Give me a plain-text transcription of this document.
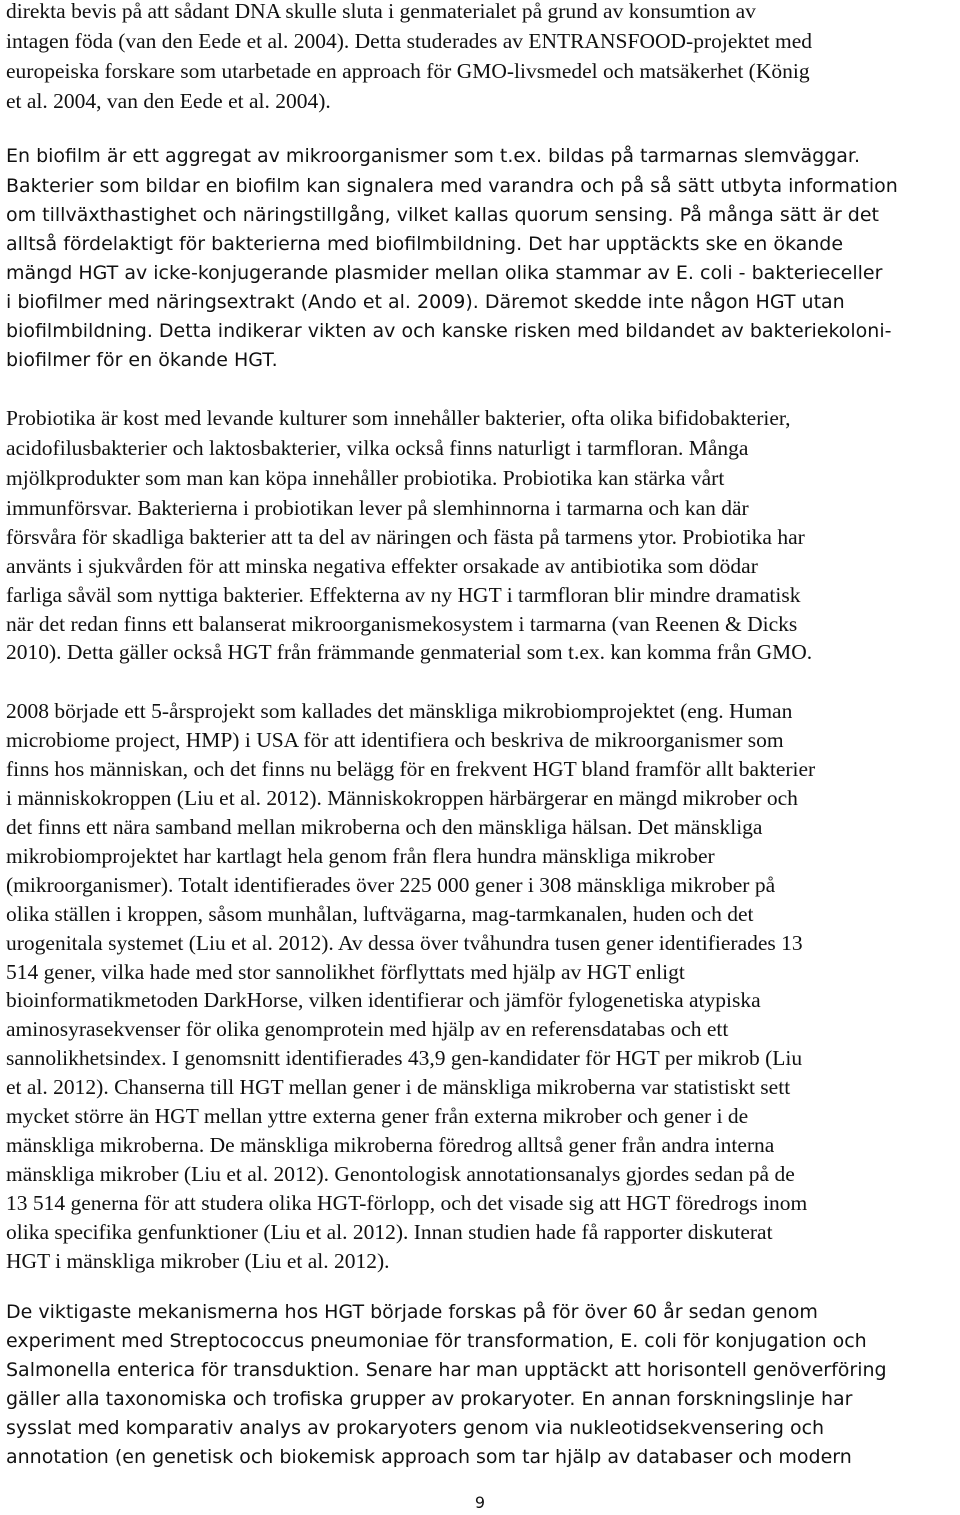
direkta bevis på att sådant DNA skulle sluta i genmaterialet på grund av konsumtion av
intagen föda (van den Eede et al. 2004). Detta studerades av ENTRANSFOOD-projektet med
europeiska forskare som utarbetade en approach för GMO-livsmedel och matsäkerhet (König
et al. 2004, van den Eede et al. 2004).
En biofilm är ett aggregat av mikroorganismer som t.ex. bildas på tarmarnas slemväggar.
Bakterier som bildar en biofilm kan signalera med varandra och på så sätt utbyta information
om tillväxthastighet och näringstillgång, vilket kallas quorum sensing. På många sätt är det
alltså fördelaktigt för bakterierna med biofilmbildning. Det har upptäckts ske en ökande
mängd HGT av icke-konjugerande plasmider mellan olika stammar av E. coli - bakterieceller
i biofilmer med näringsextrakt (Ando et al. 2009). Däremot skedde inte någon HGT utan
biofilmbildning. Detta indikerar vikten av och kanske risken med bildandet av bakteriekoloni-
biofilmer för en ökande HGT.
Probiotika är kost med levande kulturer som innehåller bakterier, ofta olika bifidobakterier,
acidofilusbakterier och laktosbakterier, vilka också finns naturligt i tarmfloran. Många
mjölkprodukter som man kan köpa innehåller probiotika. Probiotika kan stärka vårt
immunförsvar. Bakterierna i probiotikan lever på slemhinnorna i tarmarna och kan där
försvåra för skadliga bakterier att ta del av näringen och fästa på tarmens ytor. Probiotika har
använts i sjukvården för att minska negativa effekter orsakade av antibiotika som dödar
farliga såväl som nyttiga bakterier. Effekterna av ny HGT i tarmfloran blir mindre dramatisk
när det redan finns ett balanserat mikroorganismekosystem i tarmarna (van Reenen & Dicks
2010). Detta gäller också HGT från främmande genmaterial som t.ex. kan komma från GMO.
2008 började ett 5-årsprojekt som kallades det mänskliga mikrobiomprojektet (eng. Human
microbiome project, HMP) i USA för att identifiera och beskriva de mikroorganismer som
finns hos människan, och det finns nu belägg för en frekvent HGT bland framför allt bakterier
i människokroppen (Liu et al. 2012). Människokroppen härbärgerar en mängd mikrober och
det finns ett nära samband mellan mikroberna och den mänskliga hälsan. Det mänskliga
mikrobiomprojektet har kartlagt hela genom från flera hundra mänskliga mikrober
(mikroorganismer). Totalt identifierades över 225 000 gener i 308 mänskliga mikrober på
olika ställen i kroppen, såsom munhålan, luftvägarna, mag-tarmkanalen, huden och det
urogenitala systemet (Liu et al. 2012). Av dessa över tvåhundra tusen gener identifierades 13
514 gener, vilka hade med stor sannolikhet förflyttats med hjälp av HGT enligt
bioinformatikmetoden DarkHorse, vilken identifierar och jämför fylogenetiska atypiska
aminosyrasekvenser för olika genomprotein med hjälp av en referensdatabas och ett
sannolikhetsindex. I genomsnitt identifierades 43,9 gen-kandidater för HGT per mikrob (Liu
et al. 2012). Chanserna till HGT mellan gener i de mänskliga mikroberna var statistiskt sett
mycket större än HGT mellan yttre externa gener från externa mikrober och gener i de
mänskliga mikroberna. De mänskliga mikroberna föredrog alltså gener från andra interna
mänskliga mikrober (Liu et al. 2012). Genontologisk annotationsanalys gjordes sedan på de
13 514 generna för att studera olika HGT-förlopp, och det visade sig att HGT föredrogs inom
olika specifika genfunktioner (Liu et al. 2012). Innan studien hade få rapporter diskuterat
HGT i mänskliga mikrober (Liu et al. 2012).
De viktigaste mekanismerna hos HGT började forskas på för över 60 år sedan genom
experiment med Streptococcus pneumoniae för transformation, E. coli för konjugation och
Salmonella enterica för transduktion. Senare har man upptäckt att horisontell genöverföring
gäller alla taxonomiska och trofiska grupper av prokaryoter. En annan forskningslinje har
sysslat med komparativ analys av prokaryoters genom via nukleotidsekvensering och
annotation (en genetisk och biokemisk approach som tar hjälp av databaser och modern
9
